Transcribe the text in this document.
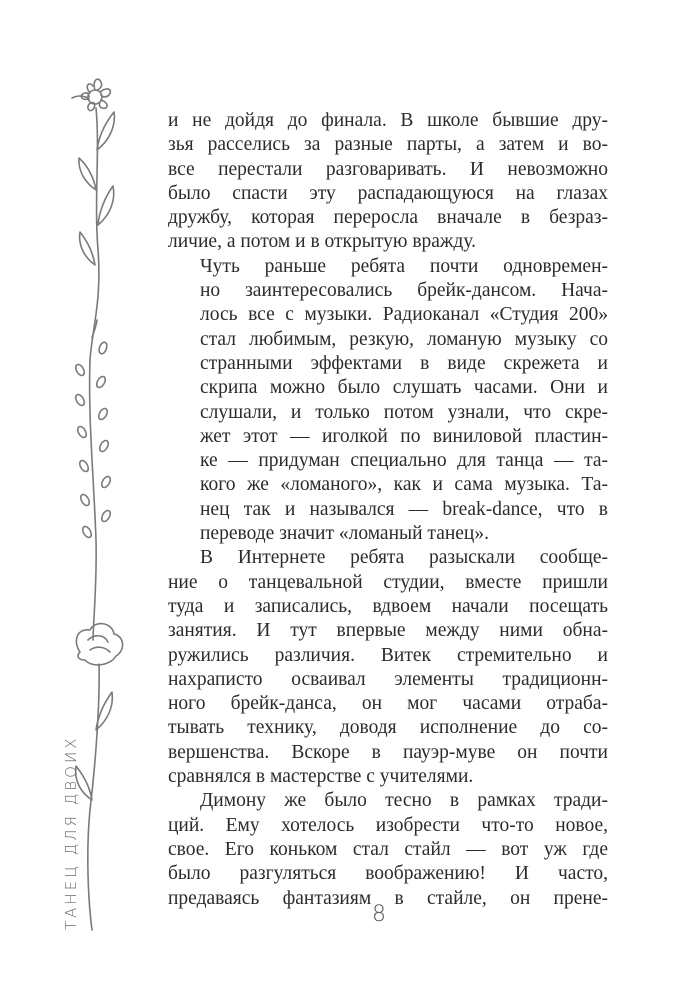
ТАНЕЦ ДЛЯ ДВОИХ
и не дойдя до финала. В школе бывшие дру-
зья расселись за разные парты, а затем и во-
все перестали разговаривать. И невозможно
было спасти эту распадающуюся на глазах
дружбу, которая переросла вначале в безраз-
личие, а потом и в открытую вражду.
Чуть раньше ребята почти одновремен-
но заинтересовались брейк-дансом. Нача-
лось все с музыки. Радиоканал «Студия 200»
стал любимым, резкую, ломаную музыку со
странными эффектами в виде скрежета и
скрипа можно было слушать часами. Они и
слушали, и только потом узнали, что скре-
жет этот — иголкой по виниловой пластин-
ке — придуман специально для танца — та-
кого же «ломаного», как и сама музыка. Та-
нец так и назывался — break-dance, что в
переводе значит «ломаный танец».
В Интернете ребята разыскали сообще-
ние о танцевальной студии, вместе пришли
туда и записались, вдвоем начали посещать
занятия. И тут впервые между ними обна-
ружились различия. Витек стремительно и
нахраписто осваивал элементы традиционн-
ного брейк-данса, он мог часами отраба-
тывать технику, доводя исполнение до со-
вершенства. Вскоре в пауэр-муве он почти
сравнялся в мастерстве с учителями.
Димону же было тесно в рамках тради-
ций. Ему хотелось изобрести что-то новое,
свое. Его коньком стал стайл — вот уж где
было разгуляться воображению! И часто,
предаваясь фантазиям в стайле, он прене-
8
